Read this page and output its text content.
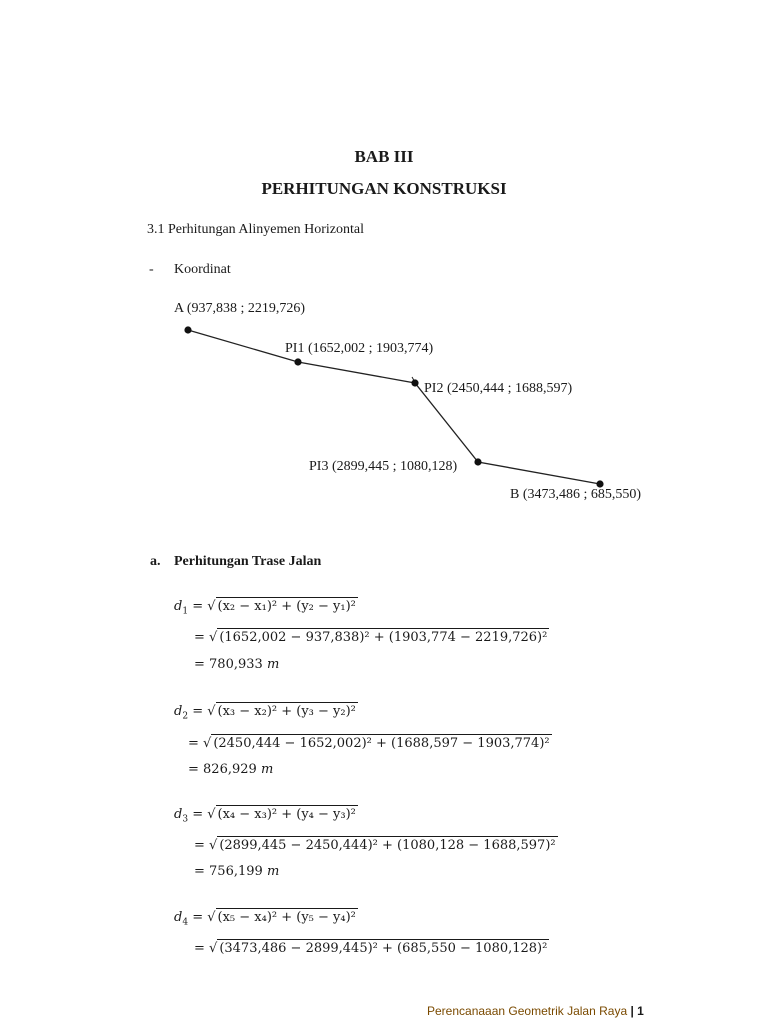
BAB III
PERHITUNGAN KONSTRUKSI
3.1 Perhitungan Alinyemen Horizontal
- Koordinat
A (937,838 ; 2219,726)
PI1 (1652,002 ; 1903,774)
PI2 (2450,444 ; 1688,597)
PI3 (2899,445 ; 1080,128)
B (3473,486 ; 685,550)
a. Perhitungan Trase Jalan
$d_1$ = √ (x₂ − x₁)² + (y₂ − y₁)²
= √ (1652,002 − 937,838)² + (1903,774 − 2219,726)²
= 780,933 m
$d_2$ = √ (x₃ − x₂)² + (y₃ − y₂)²
= √ (2450,444 − 1652,002)² + (1688,597 − 1903,774)²
= 826,929 m
$d_3$ = √ (x₄ − x₃)² + (y₄ − y₃)²
= √ (2899,445 − 2450,444)² + (1080,128 − 1688,597)²
= 756,199 m
$d_4$ = √ (x₅ − x₄)² + (y₅ − y₄)²
= √ (3473,486 − 2899,445)² + (685,550 − 1080,128)²
Perencanaaan Geometrik Jalan Raya | 1
